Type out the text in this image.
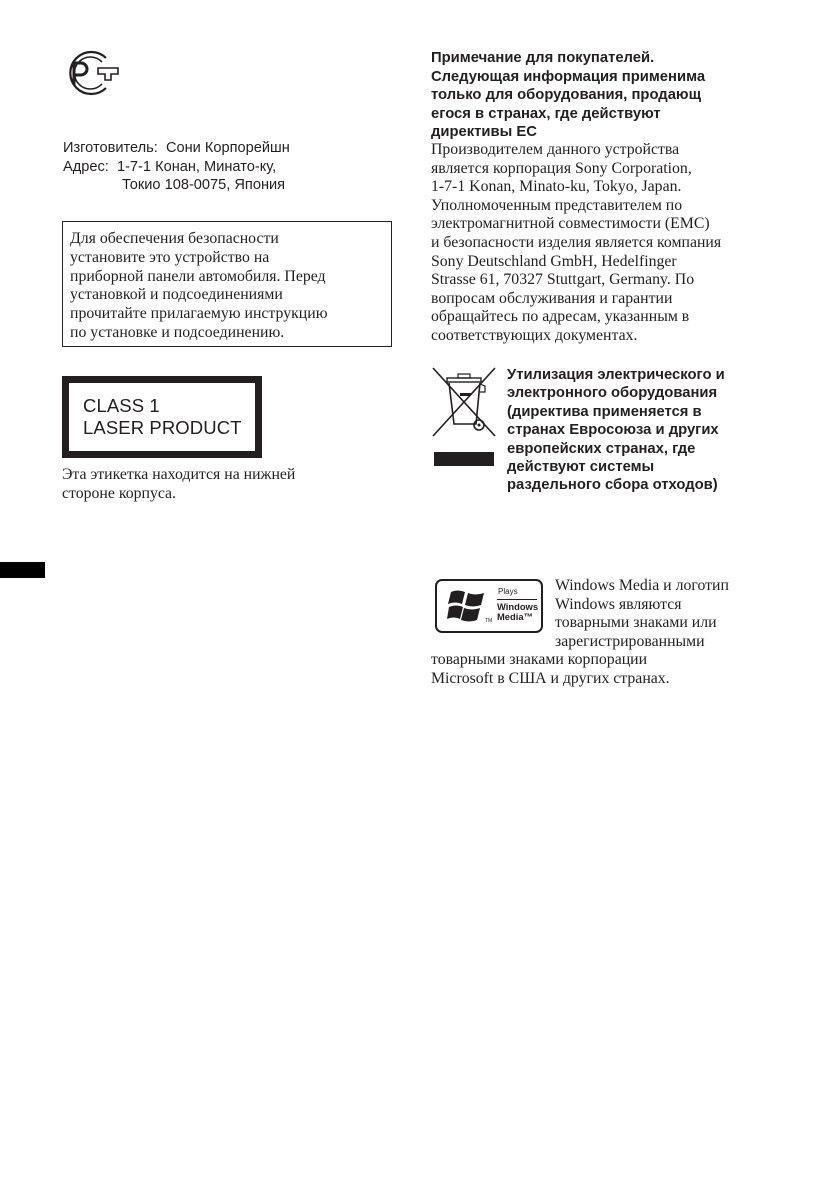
Изготовитель: Сони Корпорейшн
Адрес: 1-7-1 Конан, Минато-ку,
Токио 108-0075, Япония
Для обеспечения безопасности
установите это устройство на
приборной панели автомобиля. Перед
установкой и подсоединениями
прочитайте прилагаемую инструкцию
по установке и подсоединению.
CLASS 1
LASER PRODUCT
Эта этикетка находится на нижней
стороне корпуса.
Примечание для покупателей.
Следующая информация применима
только для оборудования, продающ
егося в странах, где действуют
директивы ЕС
Производителем данного устройства
является корпорация Sony Corporation,
1-7-1 Konan, Minato-ku, Tokyo, Japan.
Уполномоченным представителем по
электромагнитной совместимости (EMC)
и безопасности изделия является компания
Sony Deutschland GmbH, Hedelfinger
Strasse 61, 70327 Stuttgart, Germany. По
вопросам обслуживания и гарантии
обращайтесь по адресам, указанным в
соответствующих документах.
Утилизация электрического и
электронного оборудования
(директива применяется в
странах Евросоюза и других
европейских странах, где
действуют системы
раздельного сбора отходов)
Plays
Windows
Media™
TM
Windows Media и логотип
Windows являются
товарными знаками или
зарегистрированными
товарными знаками корпорации
Microsoft в США и других странах.
